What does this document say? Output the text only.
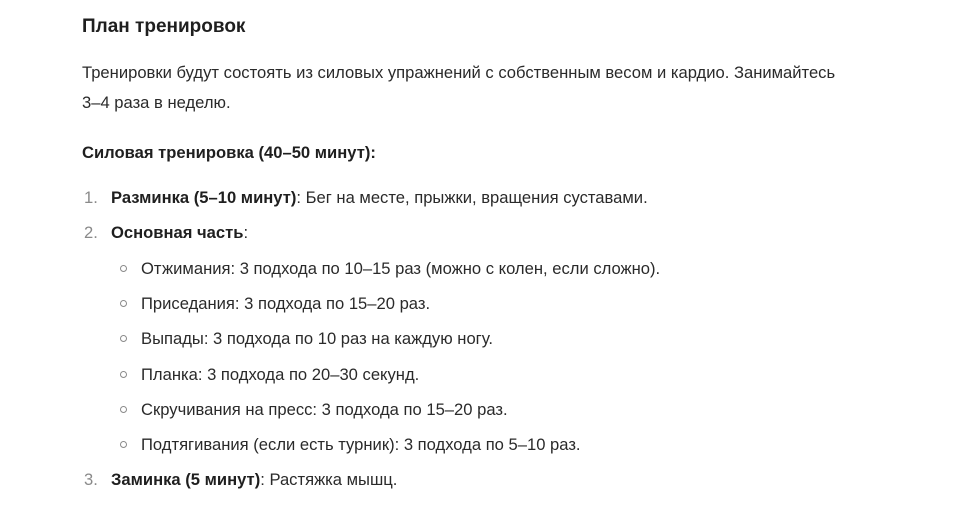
План тренировок
Тренировки будут состоять из силовых упражнений с собственным весом и кардио. Занимайтесь
3–4 раза в неделю.
Силовая тренировка (40–50 минут):
1. Разминка (5–10 минут): Бег на месте, прыжки, вращения суставами.
2. Основная часть:
Отжимания: 3 подхода по 10–15 раз (можно с колен, если сложно).
Приседания: 3 подхода по 15–20 раз.
Выпады: 3 подхода по 10 раз на каждую ногу.
Планка: 3 подхода по 20–30 секунд.
Скручивания на пресс: 3 подхода по 15–20 раз.
Подтягивания (если есть турник): 3 подхода по 5–10 раз.
3. Заминка (5 минут): Растяжка мышц.
